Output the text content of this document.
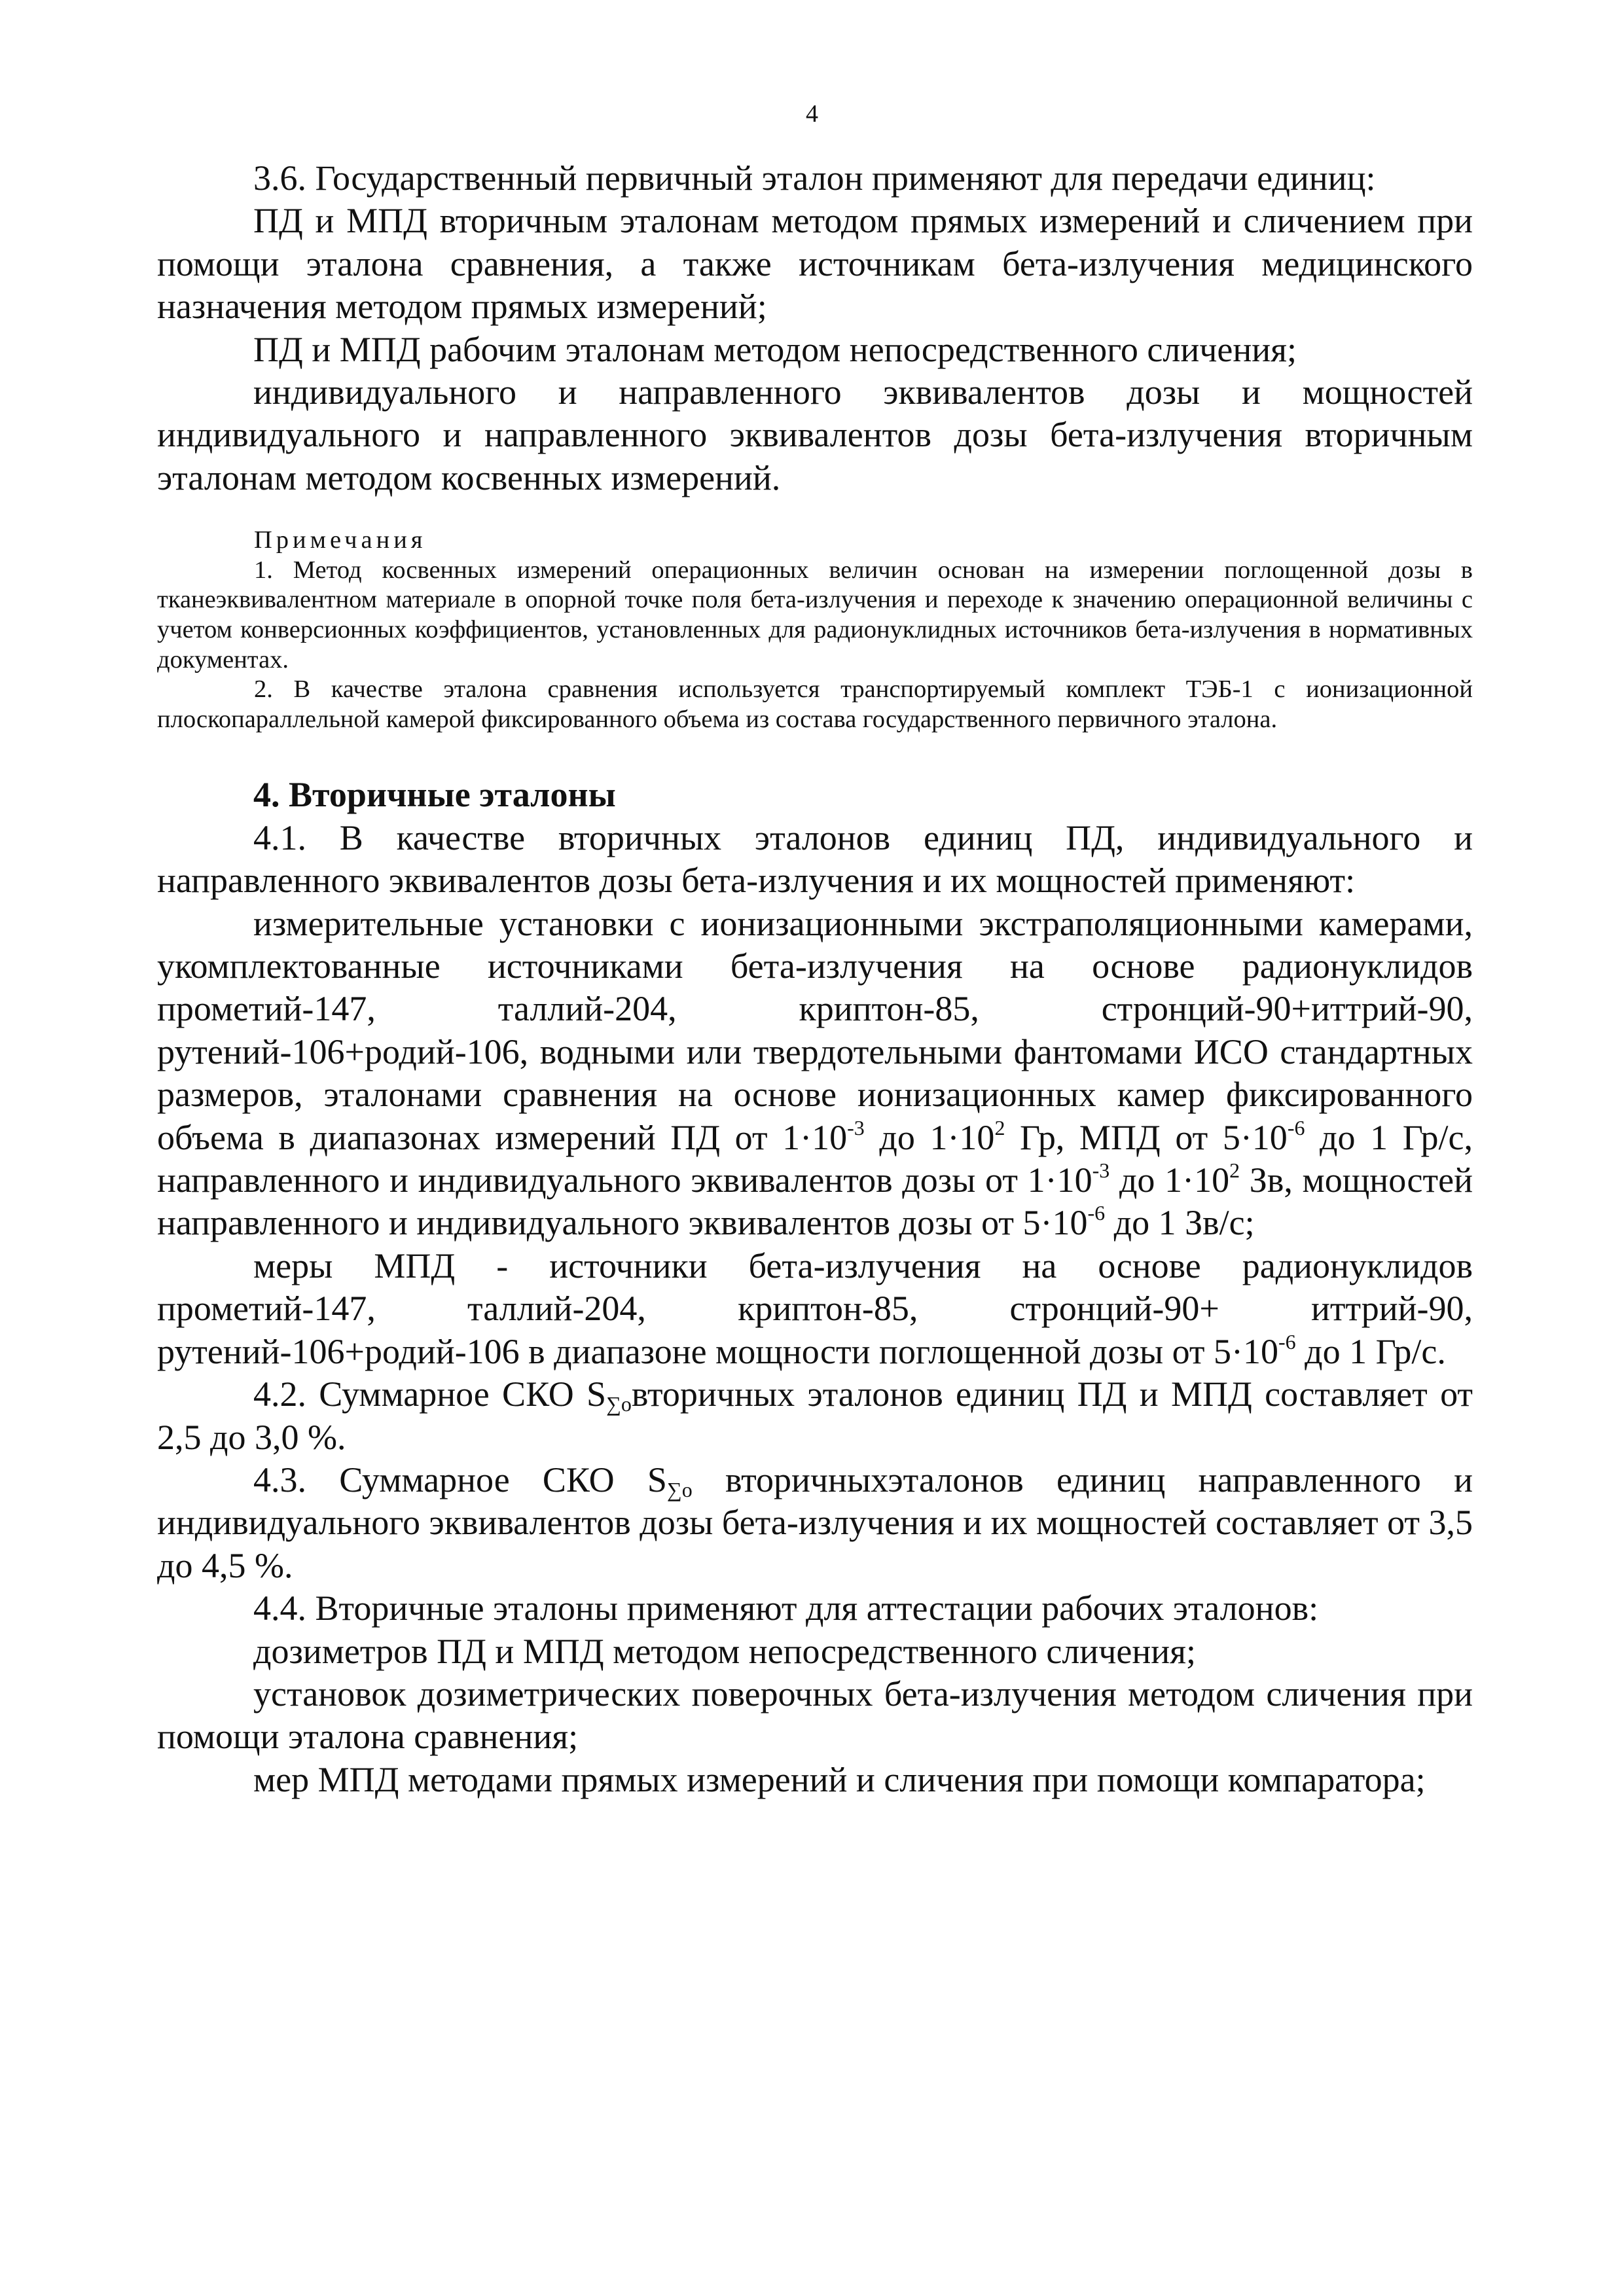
4

3.6. Государственный первичный эталон применяют для передачи единиц:

ПД и МПД вторичным эталонам методом прямых измерений и сличением при помощи эталона сравнения, а также источникам бета-излучения медицинского назначения методом прямых измерений;

ПД и МПД рабочим эталонам методом непосредственного сличения;

индивидуального и направленного эквивалентов дозы и мощностей индивидуального и направленного эквивалентов дозы бета-излучения вторичным эталонам методом косвенных измерений.

Примечания

1. Метод косвенных измерений операционных величин основан на измерении поглощенной дозы в тканеэквивалентном материале в опорной точке поля бета-излучения и переходе к значению операционной величины с учетом конверсионных коэффициентов, установленных для радионуклидных источников бета-излучения в нормативных документах.

2. В качестве эталона сравнения используется транспортируемый комплект ТЭБ-1 с ионизационной плоскопараллельной камерой фиксированного объема из состава государственного первичного эталона.

4. Вторичные эталоны

4.1. В качестве вторичных эталонов единиц ПД, индивидуального и направленного эквивалентов дозы бета-излучения и их мощностей применяют:

измерительные установки с ионизационными экстраполяционными камерами, укомплектованные источниками бета-излучения на основе радионуклидов прометий-147, таллий-204, криптон-85, стронций-90+иттрий-90, рутений-106+родий-106, водными или твердотельными фантомами ИСО стандартных размеров, эталонами сравнения на основе ионизационных камер фиксированного объема в диапазонах измерений ПД от $1\cdot 10^{-3}$ до $1\cdot 10^2$ Гр, МПД от $5\cdot 10^{-6}$ до 1 Гр/с, направленного и индивидуального эквивалентов дозы от $1\cdot 10^{-3}$ до $1\cdot 10^2$ Зв, мощностей направленного и индивидуального эквивалентов дозы от $5\cdot 10^{-6}$ до 1 Зв/с;

меры МПД - источники бета-излучения на основе радионуклидов прометий-147, таллий-204, криптон-85, стронций-90+ иттрий-90, рутений-106+родий-106 в диапазоне мощности поглощенной дозы от $5\cdot 10^{-6}$ до 1 Гр/с.

4.2. Суммарное СКО $S_{\sum о}вторичных$ эталонов единиц ПД и МПД составляет от 2,5 до 3,0 %.

4.3. Суммарное СКО $S_{\sum о}$ вторичныхэталонов единиц направленного и индивидуального эквивалентов дозы бета-излучения и их мощностей составляет от 3,5 до 4,5 %.

4.4. Вторичные эталоны применяют для аттестации рабочих эталонов:

дозиметров ПД и МПД методом непосредственного сличения;

установок дозиметрических поверочных бета-излучения методом сличения при помощи эталона сравнения;

мер МПД методами прямых измерений и сличения при помощи компаратора;
